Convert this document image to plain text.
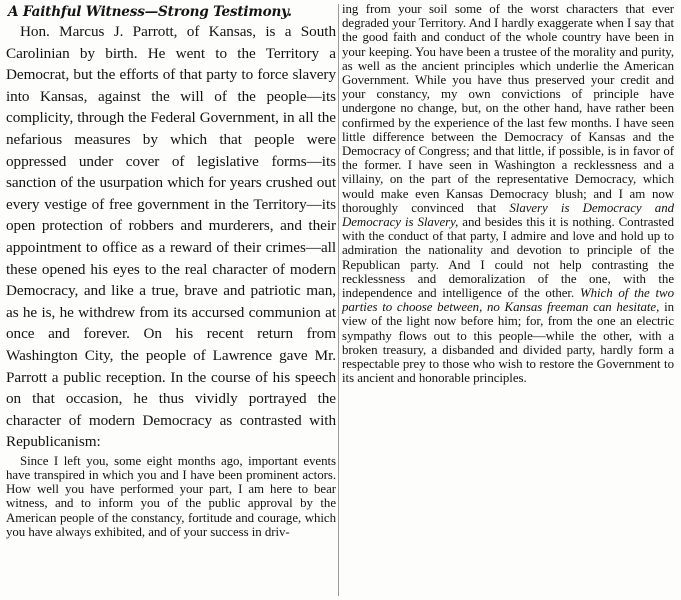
A Faithful Witness—Strong Testimony.

Hon. Marcus J. Parrott, of Kansas, is a South Carolinian by birth. He went to the Territory a Democrat, but the efforts of that party to force slavery into Kansas, against the will of the people—its complicity, through the Federal Government, in all the nefarious measures by which that people were oppressed under cover of legislative forms—its sanction of the usurpation which for years crushed out every vestige of free government in the Territory—its open protection of robbers and murderers, and their appointment to office as a reward of their crimes—all these opened his eyes to the real character of modern Democracy, and like a true, brave and patriotic man, as he is, he withdrew from its accursed communion at once and forever. On his recent return from Washington City, the people of Lawrence gave Mr. Parrott a public reception. In the course of his speech on that occasion, he thus vividly portrayed the character of modern Democracy as contrasted with Republicanism:

Since I left you, some eight months ago, important events have transpired in which you and I have been prominent actors. How well you have performed your part, I am here to bear witness, and to inform you of the public approval by the American people of the constancy, fortitude and courage, which you have always exhibited, and of your success in driv-

ing from your soil some of the worst characters that ever degraded your Territory. And I hardly exaggerate when I say that the good faith and conduct of the whole country have been in your keeping. You have been a trustee of the morality and purity, as well as the ancient principles which underlie the American Government. While you have thus preserved your credit and your constancy, my own convictions of principle have undergone no change, but, on the other hand, have rather been confirmed by the experience of the last few months. I have seen little difference between the Democracy of Kansas and the Democracy of Congress; and that little, if possible, is in favor of the former. I have seen in Washington a recklessness and a villainy, on the part of the representative Democracy, which would make even Kansas Democracy blush; and I am now thoroughly convinced that Slavery is Democracy and Democracy is Slavery, and besides this it is nothing. Contrasted with the conduct of that party, I admire and love and hold up to admiration the nationality and devotion to principle of the Republican party. And I could not help contrasting the recklessness and demoralization of the one, with the independence and intelligence of the other. Which of the two parties to choose between, no Kansas freeman can hesitate, in view of the light now before him; for, from the one an electric sympathy flows out to this people—while the other, with a broken treasury, a disbanded and divided party, hardly form a respectable prey to those who wish to restore the Government to its ancient and honorable principles.
